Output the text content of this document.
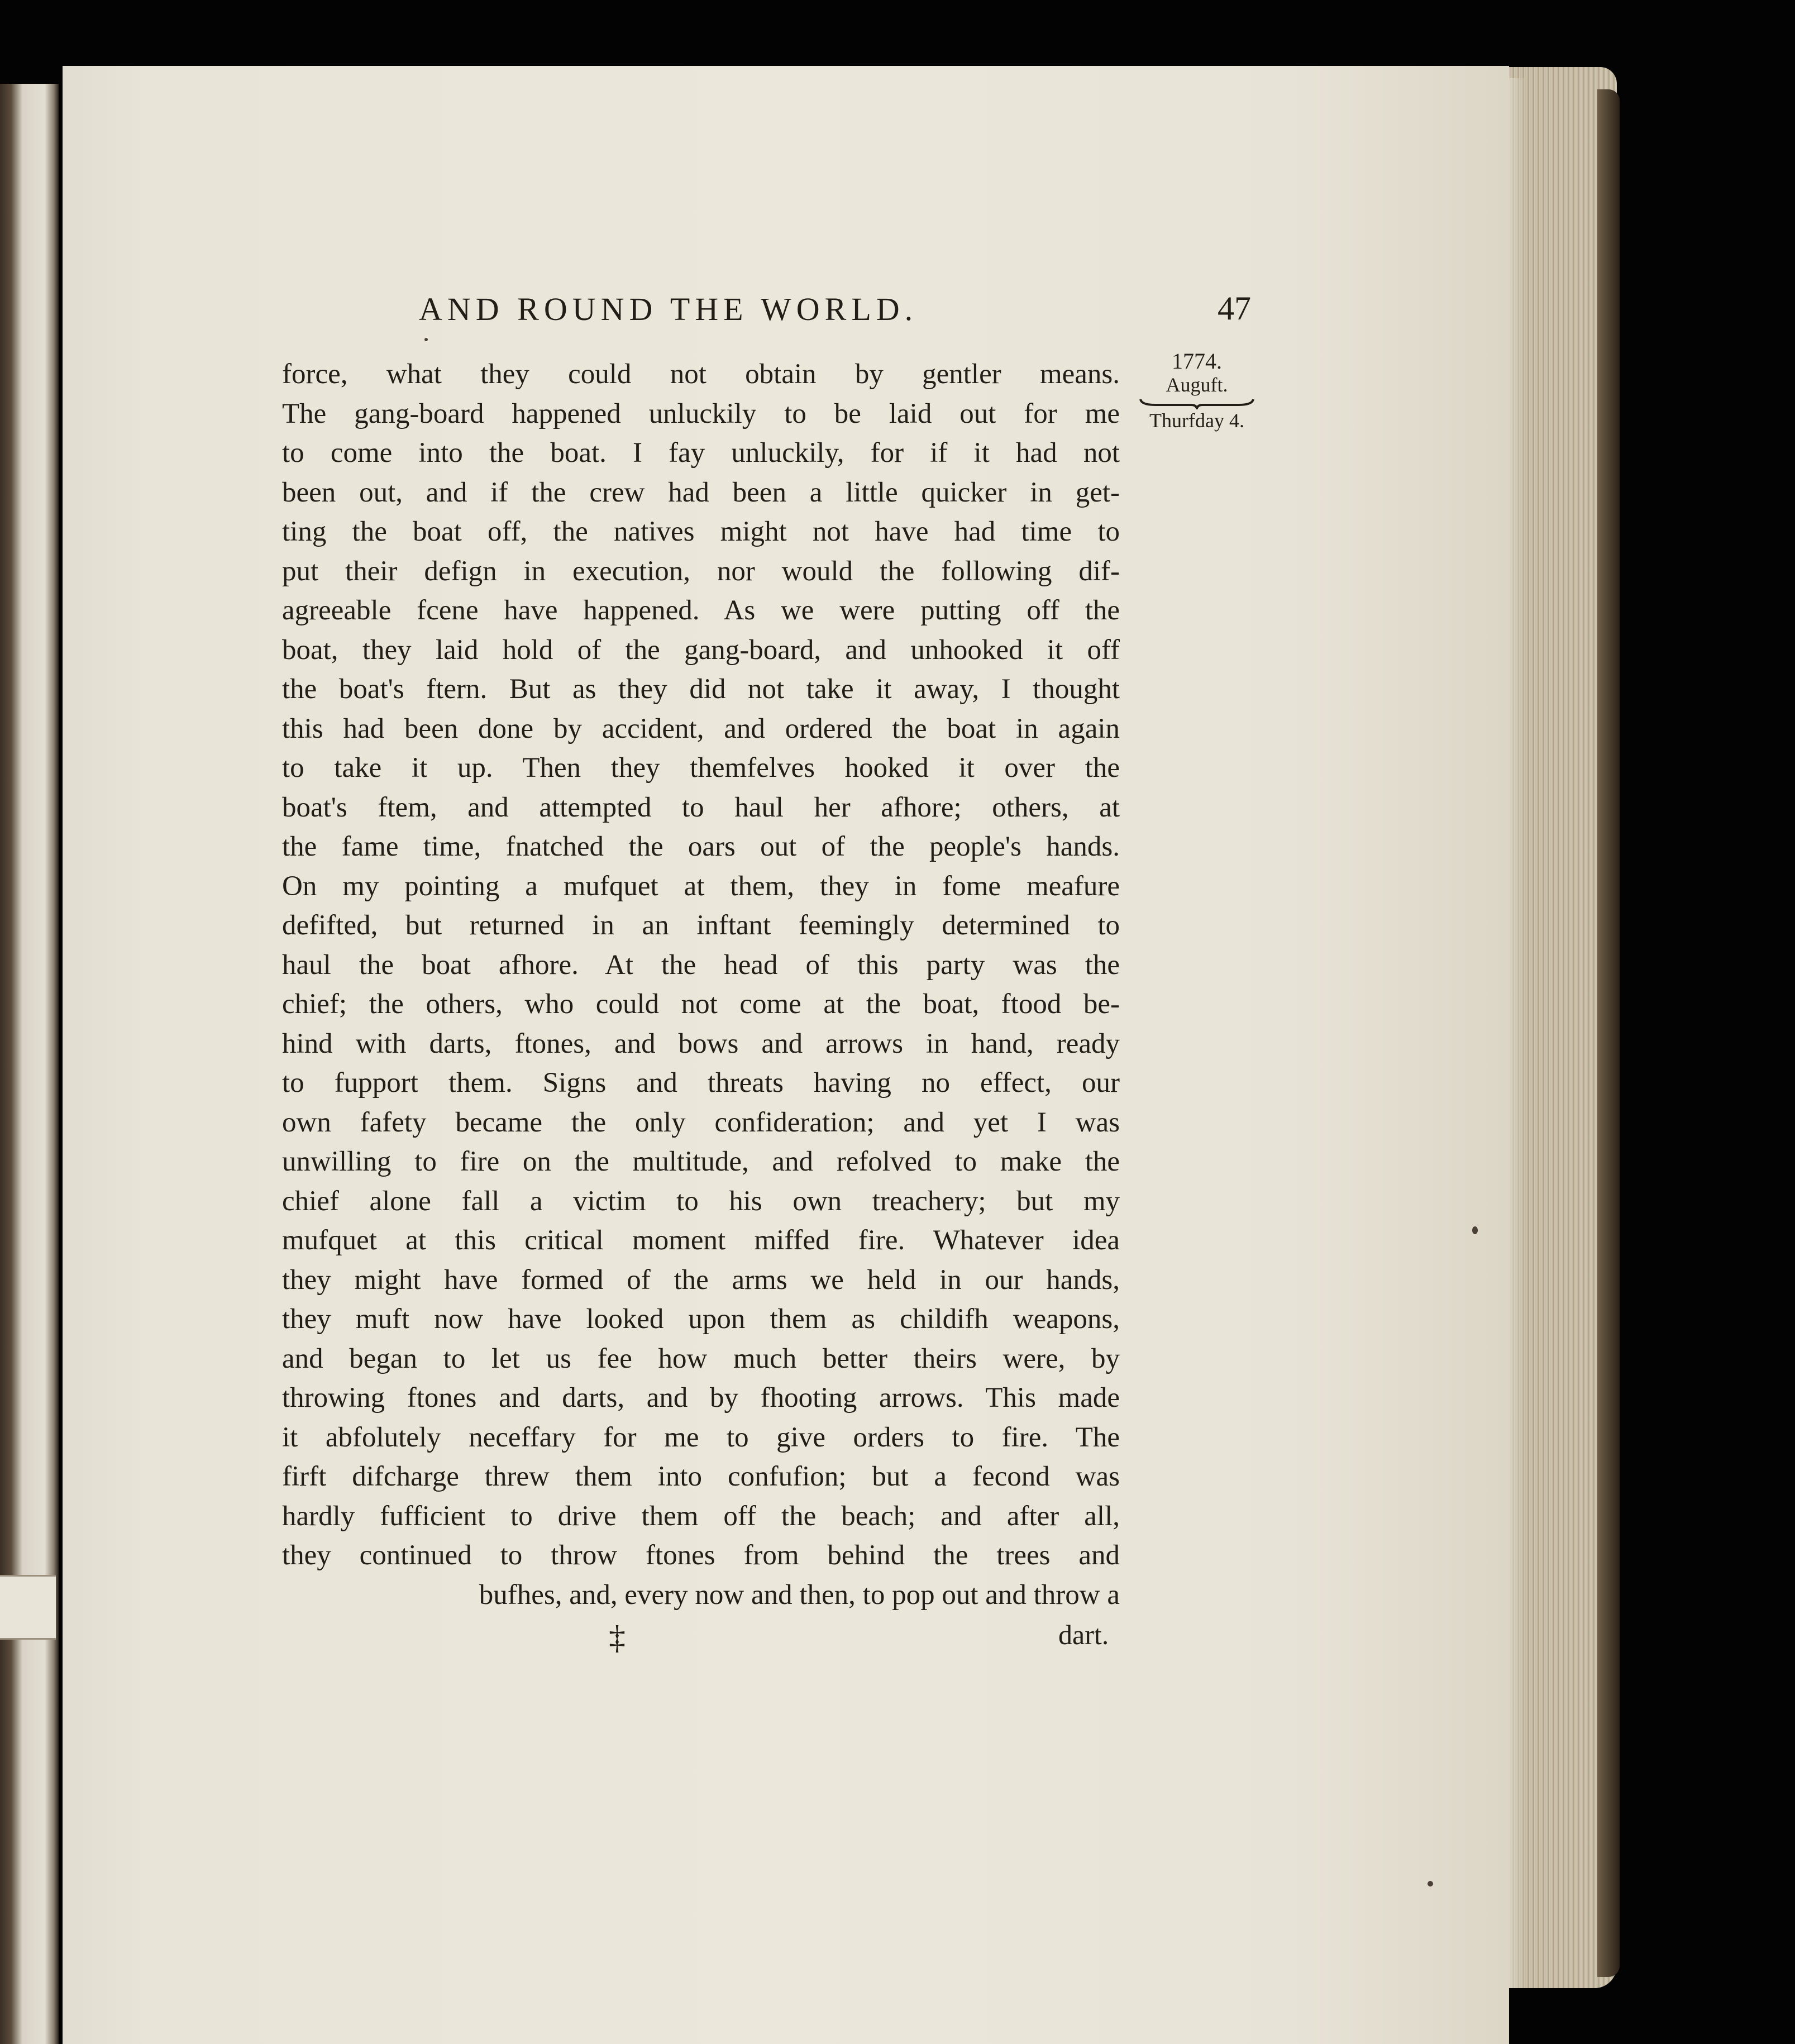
AND ROUND THE WORLD.	47
1774.
Auguft.
Thurfday 4.
force, what they could not obtain by gentler means.
The gang-board happened unluckily to be laid out for me
to come into the boat. I fay unluckily, for if it had not
been out, and if the crew had been a little quicker in get-
ting the boat off, the natives might not have had time to
put their defign in execution, nor would the following dif-
agreeable fcene have happened. As we were putting off the
boat, they laid hold of the gang-board, and unhooked it off
the boat's ftern. But as they did not take it away, I thought
this had been done by accident, and ordered the boat in again
to take it up. Then they themfelves hooked it over the
boat's ftem, and attempted to haul her afhore; others, at
the fame time, fnatched the oars out of the people's hands.
On my pointing a mufquet at them, they in fome meafure
defifted, but returned in an inftant feemingly determined to
haul the boat afhore. At the head of this party was the
chief; the others, who could not come at the boat, ftood be-
hind with darts, ftones, and bows and arrows in hand, ready
to fupport them. Signs and threats having no effect, our
own fafety became the only confideration; and yet I was
unwilling to fire on the multitude, and refolved to make the
chief alone fall a victim to his own treachery; but my
mufquet at this critical moment miffed fire. Whatever idea
they might have formed of the arms we held in our hands,
they muft now have looked upon them as childifh weapons,
and began to let us fee how much better theirs were, by
throwing ftones and darts, and by fhooting arrows. This made
it abfolutely neceffary for me to give orders to fire. The
firft difcharge threw them into confufion; but a fecond was
hardly fufficient to drive them off the beach; and after all,
they continued to throw ftones from behind the trees and
bufhes, and, every now and then, to pop out and throw a
‡	dart.
